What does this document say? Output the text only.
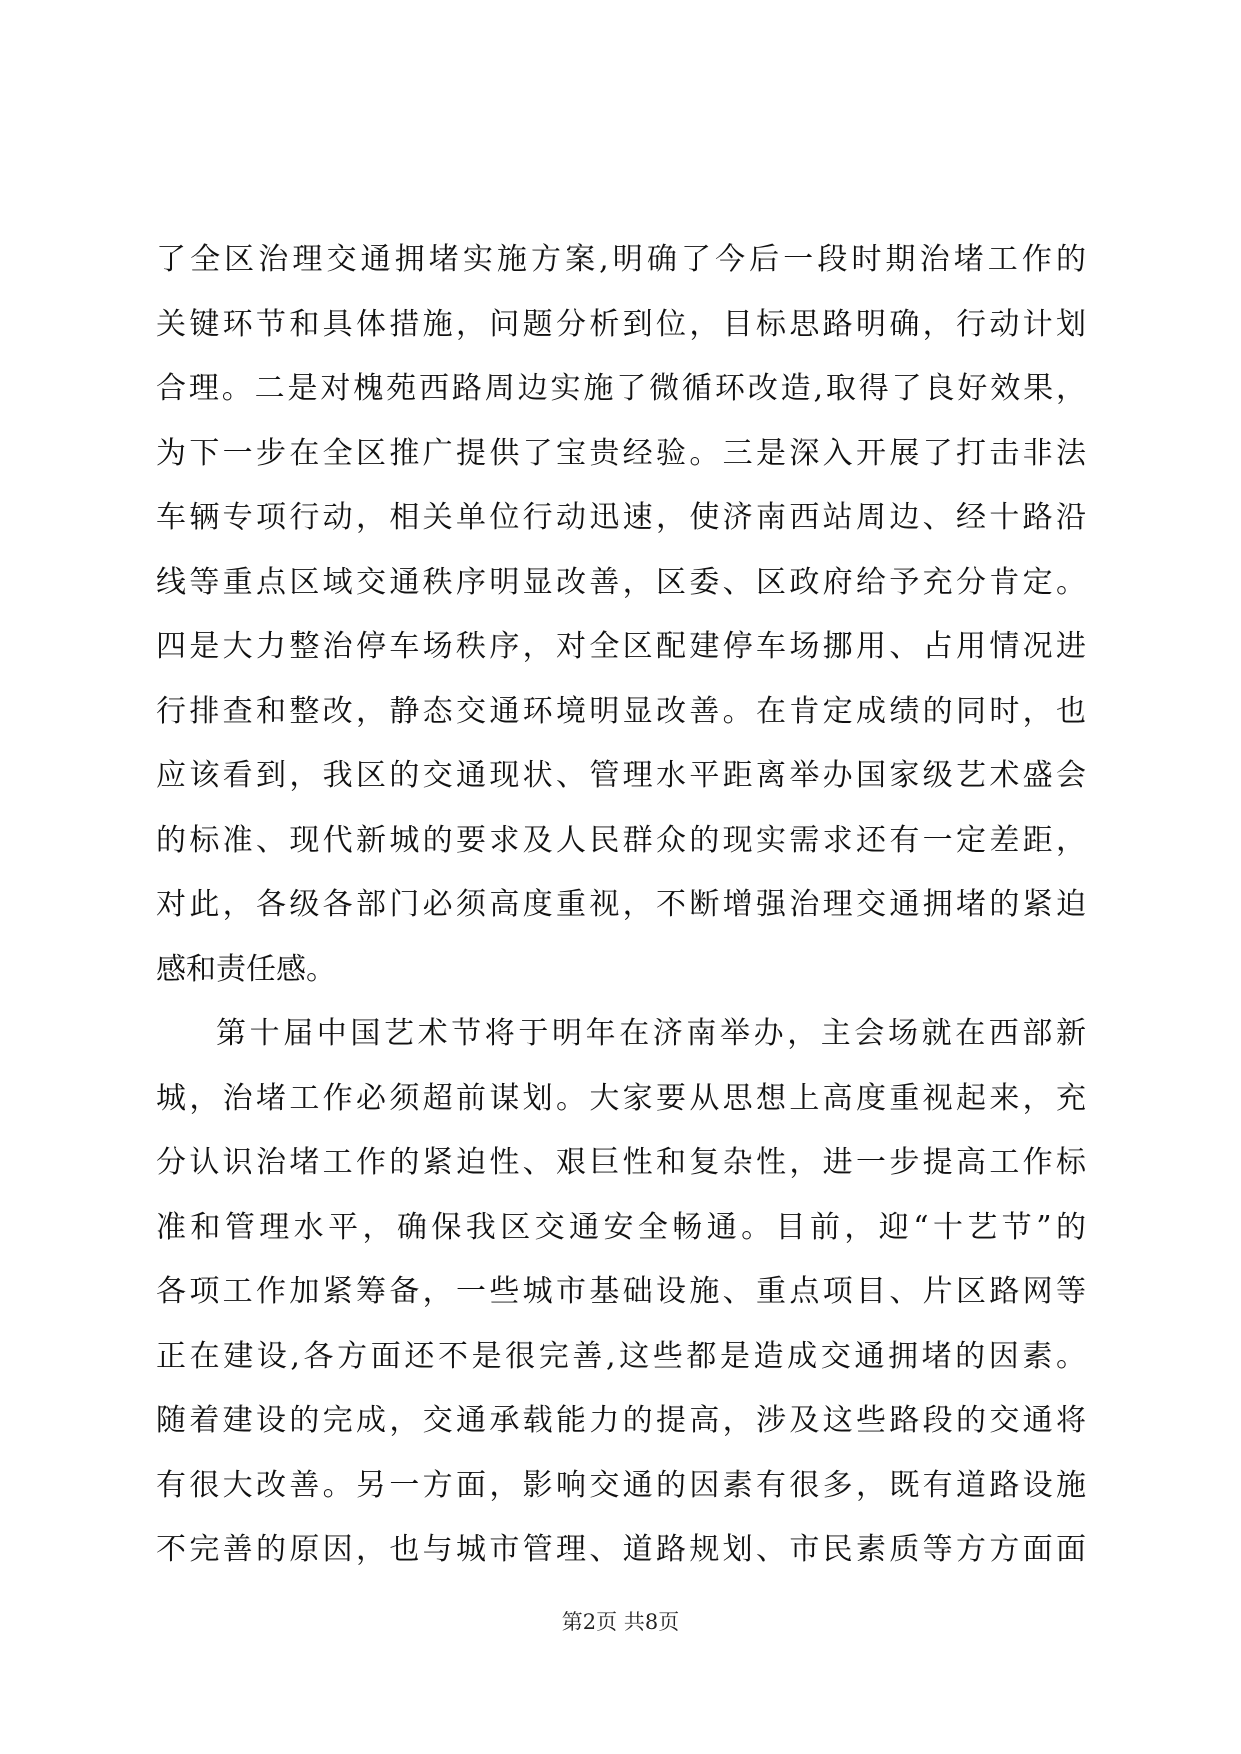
了全区治理交通拥堵实施方案,明确了今后一段时期治堵工作的
关键环节和具体措施，问题分析到位，目标思路明确，行动计划
合理。二是对槐苑西路周边实施了微循环改造,取得了良好效果，
为下一步在全区推广提供了宝贵经验。三是深入开展了打击非法
车辆专项行动，相关单位行动迅速，使济南西站周边、经十路沿
线等重点区域交通秩序明显改善，区委、区政府给予充分肯定。
四是大力整治停车场秩序，对全区配建停车场挪用、占用情况进
行排查和整改，静态交通环境明显改善。在肯定成绩的同时，也
应该看到，我区的交通现状、管理水平距离举办国家级艺术盛会
的标准、现代新城的要求及人民群众的现实需求还有一定差距，
对此，各级各部门必须高度重视，不断增强治理交通拥堵的紧迫
感和责任感。
第十届中国艺术节将于明年在济南举办，主会场就在西部新
城，治堵工作必须超前谋划。大家要从思想上高度重视起来，充
分认识治堵工作的紧迫性、艰巨性和复杂性，进一步提高工作标
准和管理水平，确保我区交通安全畅通。目前，迎“十艺节”的
各项工作加紧筹备，一些城市基础设施、重点项目、片区路网等
正在建设,各方面还不是很完善,这些都是造成交通拥堵的因素。
随着建设的完成，交通承载能力的提高，涉及这些路段的交通将
有很大改善。另一方面，影响交通的因素有很多，既有道路设施
不完善的原因，也与城市管理、道路规划、市民素质等方方面面
第2页 共8页
